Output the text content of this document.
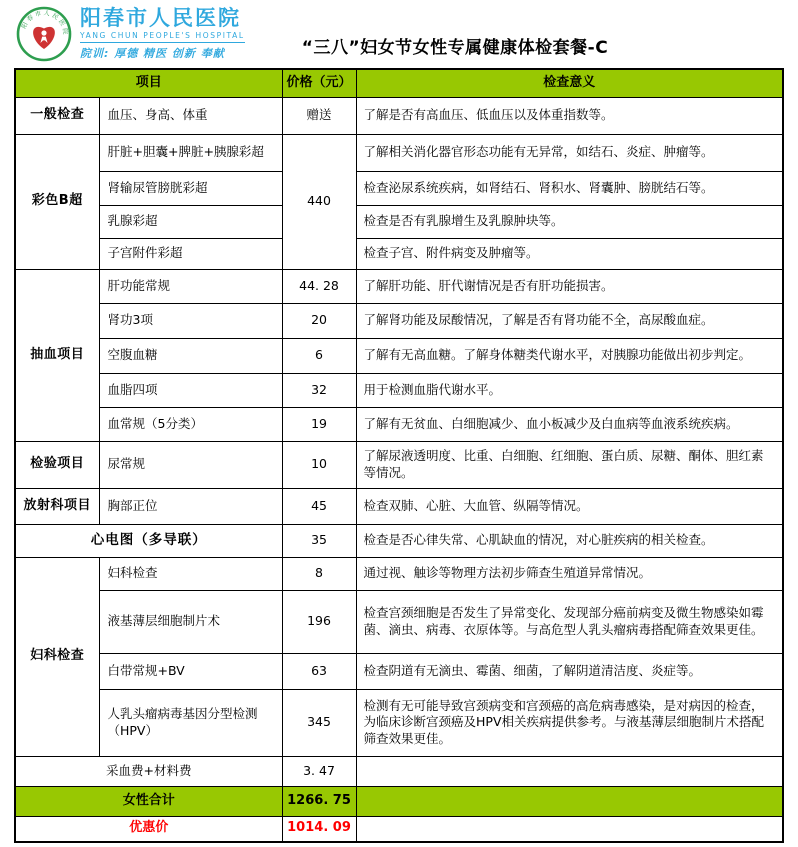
阳春市人民医院
阳春市人民医院
YANG CHUN PEOPLE'S HOSPITAL
院训: 厚德 精医 创新 奉献	“三八”妇女节女性专属健康体检套餐-C
项目		价格（元）	检查意义
一般检查	血压、身高、体重	赠送	了解是否有高血压、低血压以及体重指数等。
彩色B超	肝脏+胆囊+脾脏+胰腺彩超	440	了解相关消化器官形态功能有无异常，如结石、炎症、肿瘤等。
	肾输尿管膀胱彩超		检查泌尿系统疾病，如肾结石、肾积水、肾囊肿、膀胱结石等。
	乳腺彩超		检查是否有乳腺增生及乳腺肿块等。
	子宫附件彩超		检查子宫、附件病变及肿瘤等。
抽血项目	肝功能常规	44. 28	了解肝功能、肝代谢情况是否有肝功能损害。
	肾功3项	20	了解肾功能及尿酸情况，了解是否有肾功能不全，高尿酸血症。
	空腹血糖	6	了解有无高血糖。了解身体糖类代谢水平，对胰腺功能做出初步判定。
	血脂四项	32	用于检测血脂代谢水平。
	血常规（5分类）	19	了解有无贫血、白细胞减少、血小板减少及白血病等血液系统疾病。
检验项目	尿常规	10	了解尿液透明度、比重、白细胞、红细胞、蛋白质、尿糖、酮体、胆红素等情况。
放射科项目	胸部正位	45	检查双肺、心脏、大血管、纵隔等情况。
心电图（多导联）		35	检查是否心律失常、心肌缺血的情况，对心脏疾病的相关检查。
妇科检查	妇科检查	8	通过视、触诊等物理方法初步筛查生殖道异常情况。
	液基薄层细胞制片术	196	检查宫颈细胞是否发生了异常变化、发现部分癌前病变及微生物感染如霉菌、滴虫、病毒、衣原体等。与高危型人乳头瘤病毒搭配筛查效果更佳。
	白带常规+BV	63	检查阴道有无滴虫、霉菌、细菌，了解阴道清洁度、炎症等。
	人乳头瘤病毒基因分型检测（HPV）	345	检测有无可能导致宫颈病变和宫颈癌的高危病毒感染，是对病因的检查，为临床诊断宫颈癌及HPV相关疾病提供参考。与液基薄层细胞制片术搭配筛查效果更佳。
采血费+材料费		3. 47	
女性合计		1266. 75	
优惠价		1014. 09	
